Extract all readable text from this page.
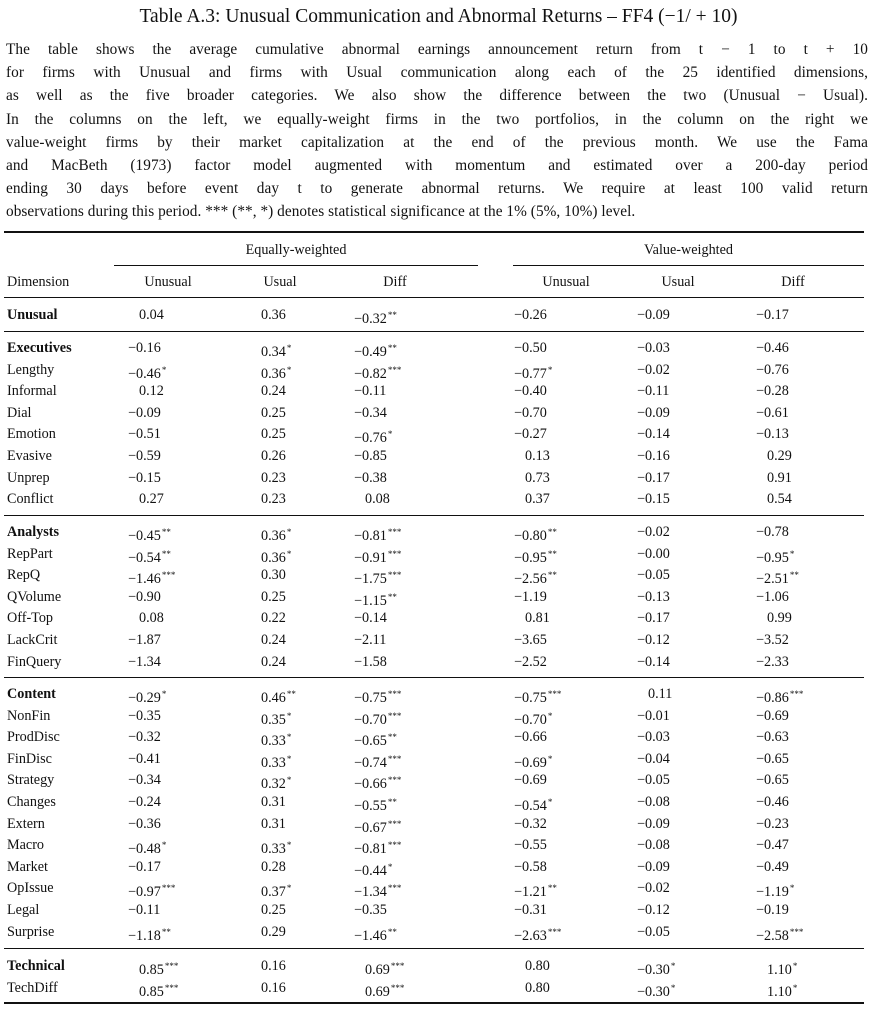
Table A.3: Unusual Communication and Abnormal Returns – FF4 (−1/ + 10)
The table shows the average cumulative abnormal earnings announcement return from t − 1 to t + 10
for firms with Unusual and firms with Usual communication along each of the 25 identified dimensions,
as well as the five broader categories. We also show the difference between the two (Unusual − Usual).
In the columns on the left, we equally-weight firms in the two portfolios, in the column on the right we
value-weight firms by their market capitalization at the end of the previous month. We use the Fama
and MacBeth (1973) factor model augmented with momentum and estimated over a 200-day period
ending 30 days before event day t to generate abnormal returns. We require at least 100 valid return
observations during this period. *** (**, *) denotes statistical significance at the 1% (5%, 10%) level.
Equally-weighted	Value-weighted
Dimension	Unusual	Usual	Diff	Unusual	Usual	Diff
Unusual	0.04	0.36	−0.32**	−0.26	−0.09	−0.17
Executives	−0.16	0.34*	−0.49**	−0.50	−0.03	−0.46
Lengthy	−0.46*	0.36*	−0.82***	−0.77*	−0.02	−0.76
Informal	0.12	0.24	−0.11	−0.40	−0.11	−0.28
Dial	−0.09	0.25	−0.34	−0.70	−0.09	−0.61
Emotion	−0.51	0.25	−0.76*	−0.27	−0.14	−0.13
Evasive	−0.59	0.26	−0.85	0.13	−0.16	0.29
Unprep	−0.15	0.23	−0.38	0.73	−0.17	0.91
Conflict	0.27	0.23	0.08	0.37	−0.15	0.54
Analysts	−0.45**	0.36*	−0.81***	−0.80**	−0.02	−0.78
RepPart	−0.54**	0.36*	−0.91***	−0.95**	−0.00	−0.95*
RepQ	−1.46***	0.30	−1.75***	−2.56**	−0.05	−2.51**
QVolume	−0.90	0.25	−1.15**	−1.19	−0.13	−1.06
Off-Top	0.08	0.22	−0.14	0.81	−0.17	0.99
LackCrit	−1.87	0.24	−2.11	−3.65	−0.12	−3.52
FinQuery	−1.34	0.24	−1.58	−2.52	−0.14	−2.33
Content	−0.29*	0.46**	−0.75***	−0.75***	0.11	−0.86***
NonFin	−0.35	0.35*	−0.70***	−0.70*	−0.01	−0.69
ProdDisc	−0.32	0.33*	−0.65**	−0.66	−0.03	−0.63
FinDisc	−0.41	0.33*	−0.74***	−0.69*	−0.04	−0.65
Strategy	−0.34	0.32*	−0.66***	−0.69	−0.05	−0.65
Changes	−0.24	0.31	−0.55**	−0.54*	−0.08	−0.46
Extern	−0.36	0.31	−0.67***	−0.32	−0.09	−0.23
Macro	−0.48*	0.33*	−0.81***	−0.55	−0.08	−0.47
Market	−0.17	0.28	−0.44*	−0.58	−0.09	−0.49
OpIssue	−0.97***	0.37*	−1.34***	−1.21**	−0.02	−1.19*
Legal	−0.11	0.25	−0.35	−0.31	−0.12	−0.19
Surprise	−1.18**	0.29	−1.46**	−2.63***	−0.05	−2.58***
Technical	0.85***	0.16	0.69***	0.80	−0.30*	1.10*
TechDiff	0.85***	0.16	0.69***	0.80	−0.30*	1.10*
